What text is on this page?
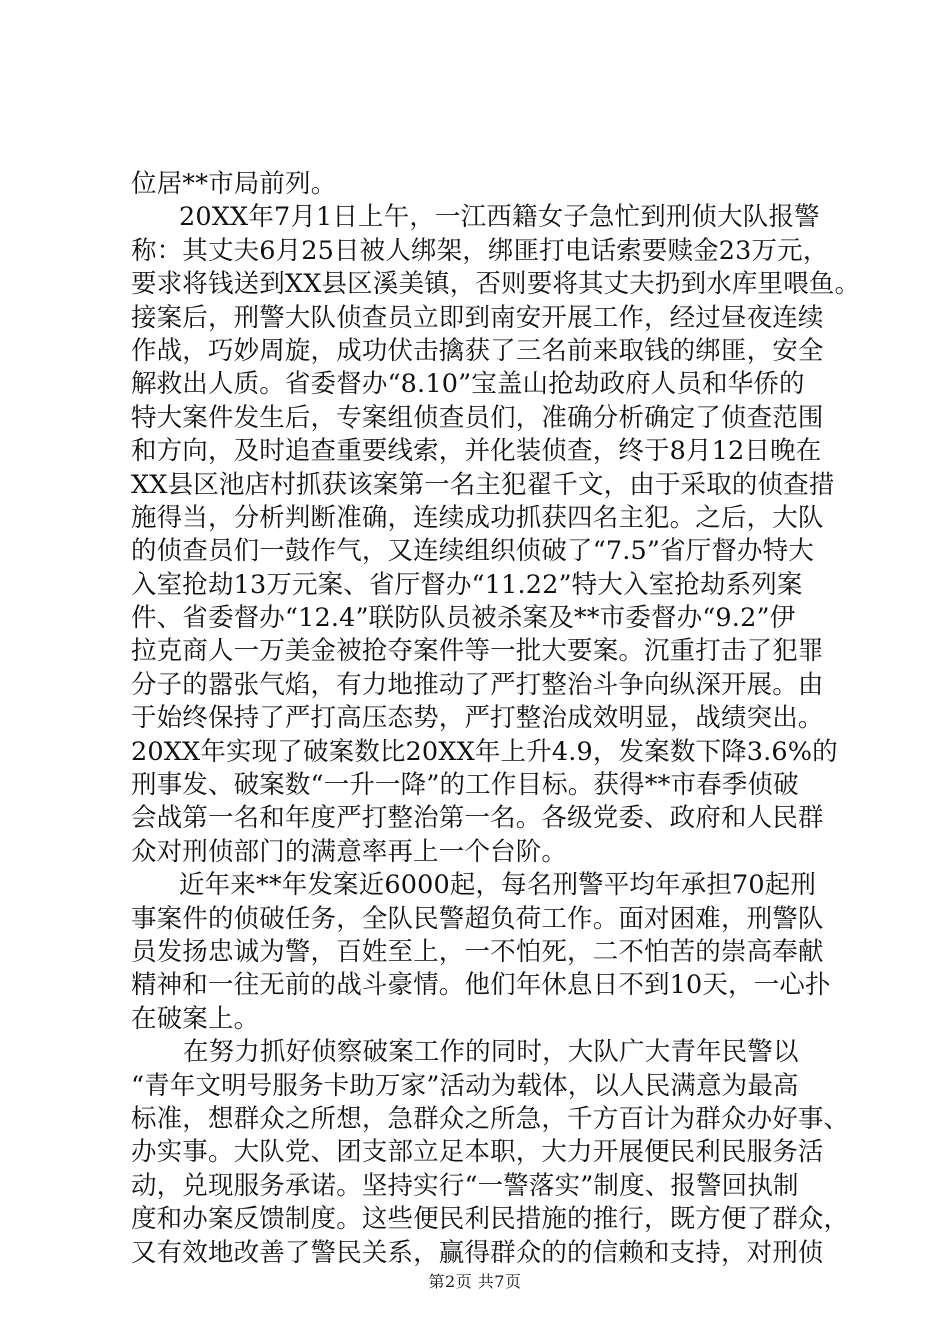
位居**市局前列。
20XX年7月1日上午，一江西籍女子急忙到刑侦大队报警
称：其丈夫6月25日被人绑架，绑匪打电话索要赎金23万元，
要求将钱送到XX县区溪美镇，否则要将其丈夫扔到水库里喂鱼。
接案后，刑警大队侦查员立即到南安开展工作，经过昼夜连续
作战，巧妙周旋，成功伏击擒获了三名前来取钱的绑匪，安全
解救出人质。省委督办“8.10”宝盖山抢劫政府人员和华侨的
特大案件发生后，专案组侦查员们，准确分析确定了侦查范围
和方向，及时追查重要线索，并化装侦查，终于8月12日晚在
XX县区池店村抓获该案第一名主犯翟千文，由于采取的侦查措
施得当，分析判断准确，连续成功抓获四名主犯。之后，大队
的侦查员们一鼓作气，又连续组织侦破了“7.5”省厅督办特大
入室抢劫13万元案、省厅督办“11.22”特大入室抢劫系列案
件、省委督办“12.4”联防队员被杀案及**市委督办“9.2”伊
拉克商人一万美金被抢夺案件等一批大要案。沉重打击了犯罪
分子的嚣张气焰，有力地推动了严打整治斗争向纵深开展。由
于始终保持了严打高压态势，严打整治成效明显，战绩突出。
20XX年实现了破案数比20XX年上升4.9，发案数下降3.6%的
刑事发、破案数“一升一降”的工作目标。获得**市春季侦破
会战第一名和年度严打整治第一名。各级党委、政府和人民群
众对刑侦部门的满意率再上一个台阶。
近年来**年发案近6000起，每名刑警平均年承担70起刑
事案件的侦破任务，全队民警超负荷工作。面对困难，刑警队
员发扬忠诚为警，百姓至上，一不怕死，二不怕苦的崇高奉献
精神和一往无前的战斗豪情。他们年休息日不到10天，一心扑
在破案上。
在努力抓好侦察破案工作的同时，大队广大青年民警以
“青年文明号服务卡助万家”活动为载体，以人民满意为最高
标准，想群众之所想，急群众之所急，千方百计为群众办好事、
办实事。大队党、团支部立足本职，大力开展便民利民服务活
动，兑现服务承诺。坚持实行“一警落实”制度、报警回执制
度和办案反馈制度。这些便民利民措施的推行，既方便了群众，
又有效地改善了警民关系，赢得群众的的信赖和支持，对刑侦
第2页 共7页
